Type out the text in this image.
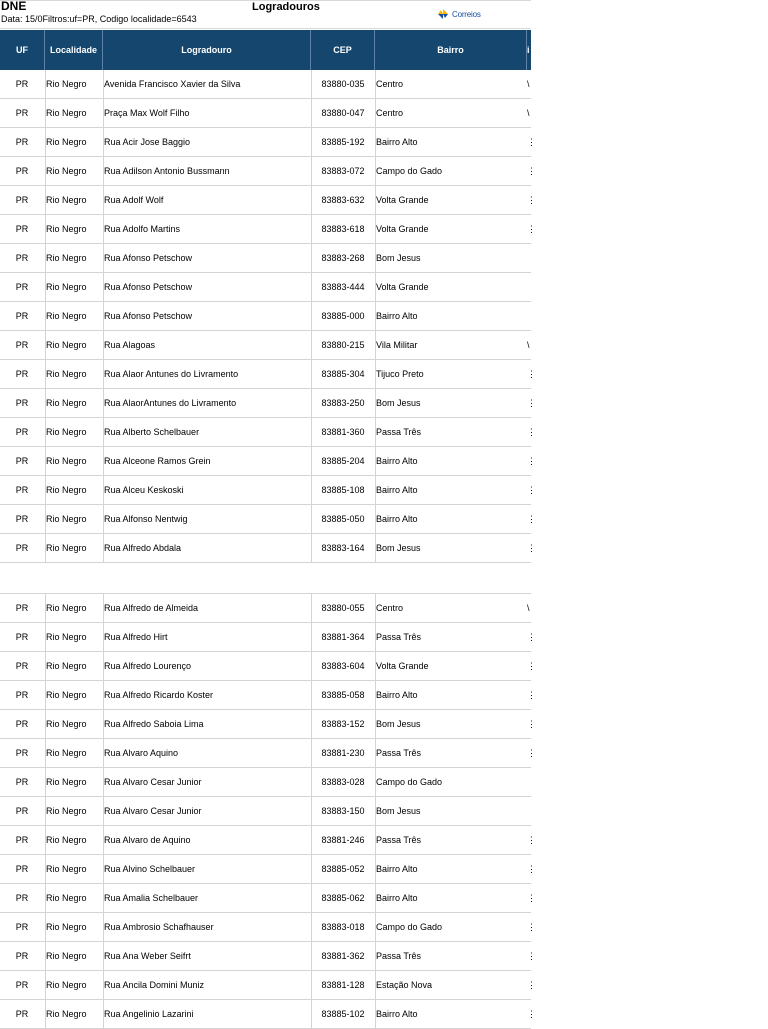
DNE
Data: 15/0Filtros:uf=PR, Codigo localidade=6543
Logradouros
Correios
UF	Localidade	Logradouro	CEP	Bairro	i
PR	Rio Negro	Avenida Francisco Xavier da Silva	83880-035	Centro	\
PR	Rio Negro	Praça Max Wolf Filho	83880-047	Centro	\
PR	Rio Negro	Rua Acir Jose Baggio	83885-192	Bairro Alto	⋮
PR	Rio Negro	Rua Adilson Antonio Bussmann	83883-072	Campo do Gado	⋮
PR	Rio Negro	Rua Adolf Wolf	83883-632	Volta Grande	⋮
PR	Rio Negro	Rua Adolfo Martins	83883-618	Volta Grande	⋮
PR	Rio Negro	Rua Afonso Petschow	83883-268	Bom Jesus
PR	Rio Negro	Rua Afonso Petschow	83883-444	Volta Grande
PR	Rio Negro	Rua Afonso Petschow	83885-000	Bairro Alto
PR	Rio Negro	Rua Alagoas	83880-215	Vila Militar	\
PR	Rio Negro	Rua Alaor Antunes do Livramento	83885-304	Tijuco Preto	⋮
PR	Rio Negro	Rua AlaorAntunes do Livramento	83883-250	Bom Jesus	⋮
PR	Rio Negro	Rua Alberto Schelbauer	83881-360	Passa Três	⋮
PR	Rio Negro	Rua Alceone Ramos Grein	83885-204	Bairro Alto	⋮
PR	Rio Negro	Rua Alceu Keskoski	83885-108	Bairro Alto	⋮
PR	Rio Negro	Rua Alfonso Nentwig	83885-050	Bairro Alto	⋮
PR	Rio Negro	Rua Alfredo Abdala	83883-164	Bom Jesus	⋮
PR	Rio Negro	Rua Alfredo de Almeida	83880-055	Centro	\
PR	Rio Negro	Rua Alfredo Hirt	83881-364	Passa Três	⋮
PR	Rio Negro	Rua Alfredo Lourenço	83883-604	Volta Grande	⋮
PR	Rio Negro	Rua Alfredo Ricardo Koster	83885-058	Bairro Alto	⋮
PR	Rio Negro	Rua Alfredo Saboia Lima	83883-152	Bom Jesus	⋮
PR	Rio Negro	Rua Alvaro Aquino	83881-230	Passa Três	⋮
PR	Rio Negro	Rua Alvaro Cesar Junior	83883-028	Campo do Gado
PR	Rio Negro	Rua Alvaro Cesar Junior	83883-150	Bom Jesus
PR	Rio Negro	Rua Alvaro de Aquino	83881-246	Passa Três	⋮
PR	Rio Negro	Rua Alvino Schelbauer	83885-052	Bairro Alto	⋮
PR	Rio Negro	Rua Amalia Schelbauer	83885-062	Bairro Alto	⋮
PR	Rio Negro	Rua Ambrosio Schafhauser	83883-018	Campo do Gado	⋮
PR	Rio Negro	Rua Ana Weber Seifrt	83881-362	Passa Três	⋮
PR	Rio Negro	Rua Ancila Domini Muniz	83881-128	Estação Nova	⋮
PR	Rio Negro	Rua Angelinio Lazarini	83885-102	Bairro Alto	⋮
